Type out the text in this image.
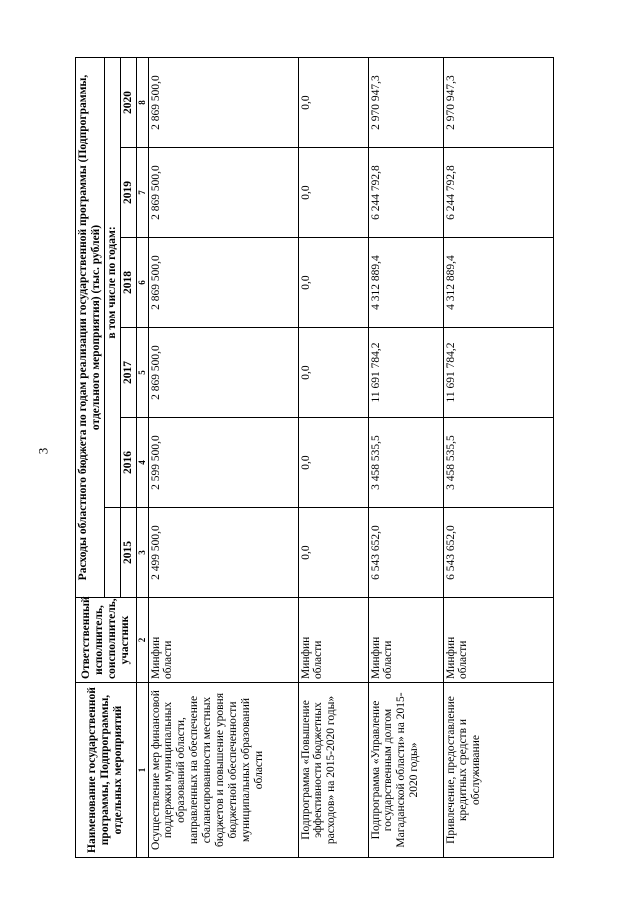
3
Наименование государственной программы, Подпрограммы, отдельных мероприятий	Ответственный исполнитель, соисполнитель, участник	Расходы областного бюджета по годам реализации государственной программы (Подпрограммы, отдельного мероприятия) (тыс. рублей)					
			в том числе по годам:				
		2015	2016	2017	2018	2019	2020
1	2	3	4	5	6	7	8
Осуществление мер финансовой поддержки муниципальных образований области, направленных на обеспечение сбалансированности местных бюджетов и повышение уровня бюджетной обеспеченности муниципальных образований области	Минфин области	2 499 500,0	2 599 500,0	2 869 500,0	2 869 500,0	2 869 500,0	2 869 500,0
Подпрограмма «Повышение эффективности бюджетных расходов» на 2015-2020 годы»	Минфин области	0,0	0,0	0,0	0,0	0,0	0,0
Подпрограмма «Управление государственным долгом Магаданской области» на 2015-2020 годы»	Минфин области	6 543 652,0	3 458 535,5	11 691 784,2	4 312 889,4	6 244 792,8	2 970 947,3
Привлечение, предоставление кредитных средств и обслуживание	Минфин области	6 543 652,0	3 458 535,5	11 691 784,2	4 312 889,4	6 244 792,8	2 970 947,3
